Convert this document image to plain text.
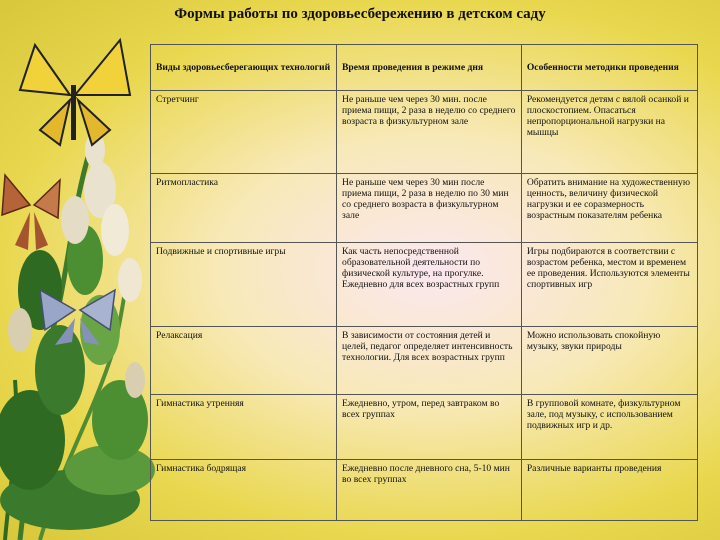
Формы работы по здоровьесбережению в детском саду
Виды здоровьесберегающих технологий	Время проведения в режиме дня	Особенности методики проведения
Стретчинг	Не раньше чем через 30 мин. после приема пищи, 2 раза в неделю со среднего возраста в физкультурном зале	Рекомендуется детям с вялой осанкой и плоскостопием. Опасаться непропорциональной нагрузки на мышцы
Ритмопластика	Не раньше чем через 30 мин после приема пищи, 2 раза в неделю по 30 мин со среднего возраста в физкультурном зале	Обратить внимание на художественную ценность, величину физической нагрузки и ее соразмерность возрастным показателям ребенка
Подвижные и спортивные игры	Как часть непосредственной образовательной деятельности по физической культуре, на прогулке. Ежедневно для всех возрастных групп	Игры подбираются в соответствии с возрастом ребенка, местом и временем ее проведения. Используются элементы спортивных игр
Релаксация	В зависимости от состояния детей и целей, педагог определяет интенсивность технологии. Для всех возрастных групп	Можно использовать спокойную музыку, звуки природы
Гимнастика утренняя	Ежедневно, утром, перед завтраком во всех группах	В групповой комнате, физкультурном зале, под музыку, с использованием подвижных игр и др.
Гимнастика бодрящая	Ежедневно после дневного сна, 5-10 мин во всех группах	Различные варианты проведения
